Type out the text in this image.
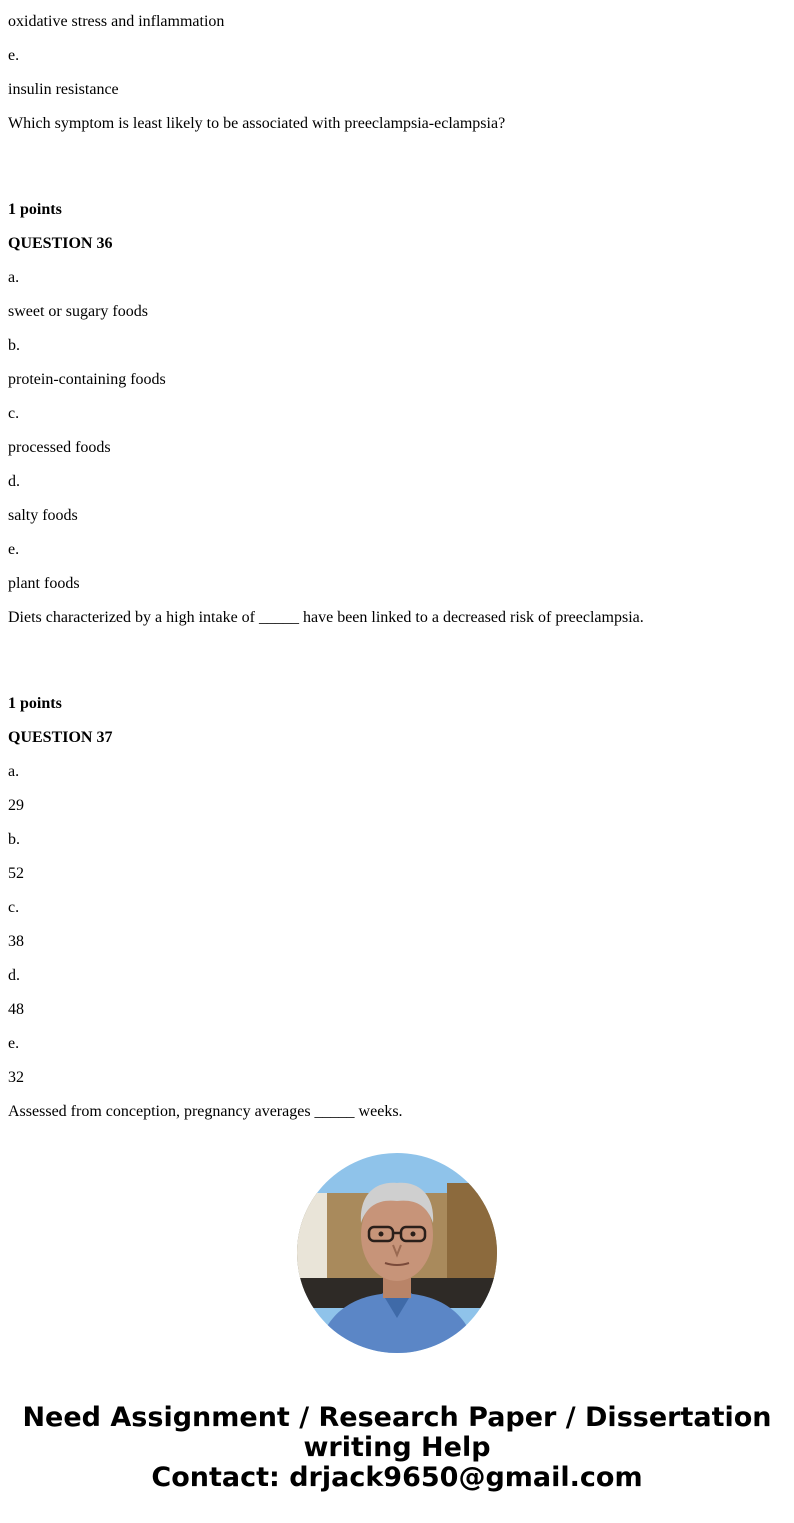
oxidative stress and inflammation
e.
insulin resistance
Which symptom is least likely to be associated with preeclampsia-eclampsia?
1 points
QUESTION 36
a.
sweet or sugary foods
b.
protein-containing foods
c.
processed foods
d.
salty foods
e.
plant foods
Diets characterized by a high intake of _____ have been linked to a decreased risk of preeclampsia.
1 points
QUESTION 37
a.
29
b.
52
c.
38
d.
48
e.
32
Assessed from conception, pregnancy averages _____ weeks.
Need Assignment / Research Paper / Dissertation
writing Help
Contact: drjack9650@gmail.com
